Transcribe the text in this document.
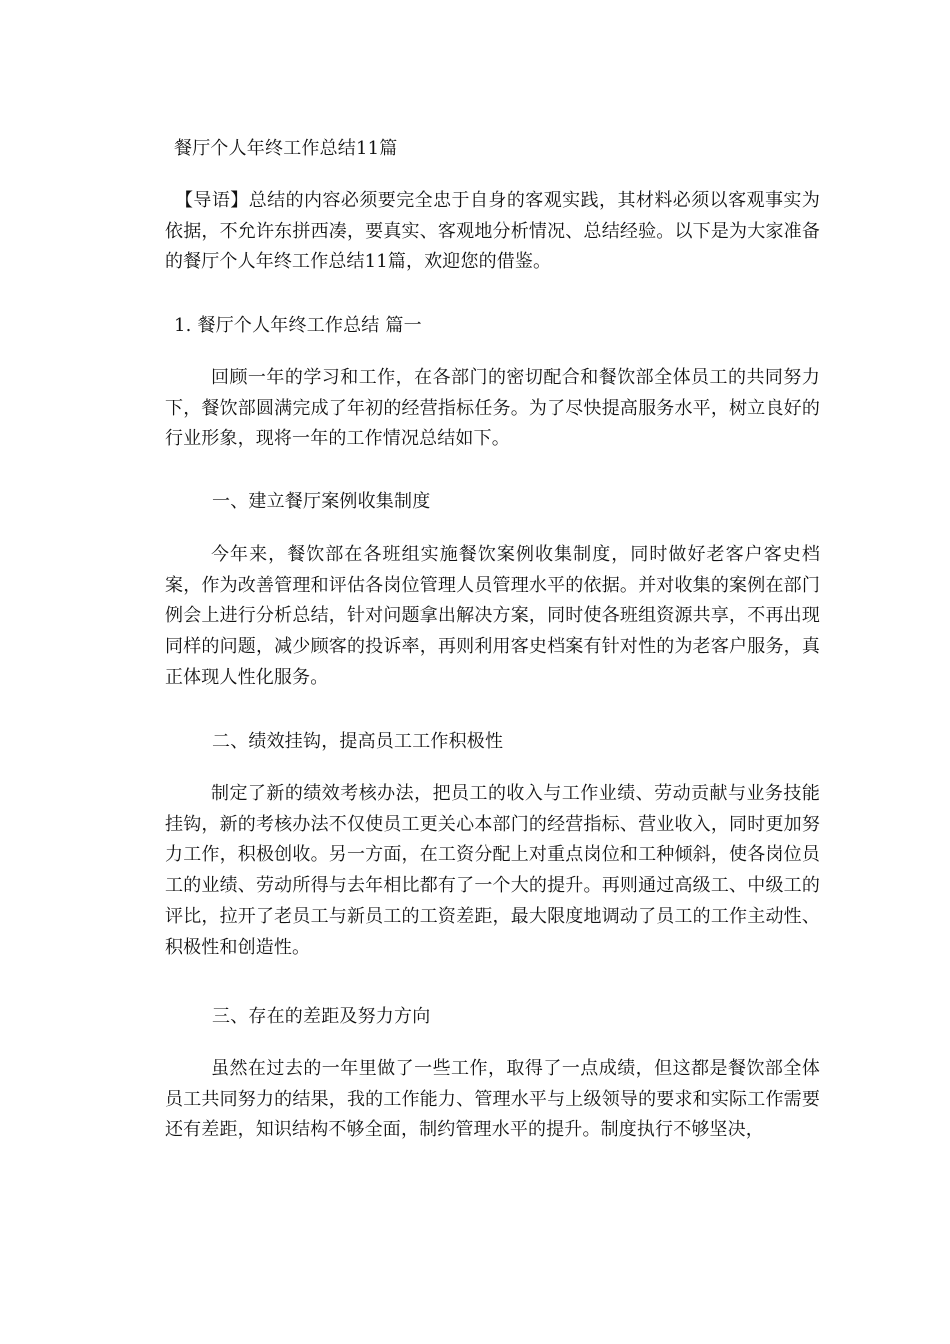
餐厅个人年终工作总结11篇
【导语】总结的内容必须要完全忠于自身的客观实践，其材料必须以客观事实为依据，不允许东拼西凑，要真实、客观地分析情况、总结经验。以下是为大家准备的餐厅个人年终工作总结11篇，欢迎您的借鉴。
1. 餐厅个人年终工作总结 篇一
回顾一年的学习和工作，在各部门的密切配合和餐饮部全体员工的共同努力下，餐饮部圆满完成了年初的经营指标任务。为了尽快提高服务水平，树立良好的行业形象，现将一年的工作情况总结如下。
一、建立餐厅案例收集制度
今年来，餐饮部在各班组实施餐饮案例收集制度，同时做好老客户客史档案，作为改善管理和评估各岗位管理人员管理水平的依据。并对收集的案例在部门例会上进行分析总结，针对问题拿出解决方案，同时使各班组资源共享，不再出现同样的问题，减少顾客的投诉率，再则利用客史档案有针对性的为老客户服务，真正体现人性化服务。
二、绩效挂钩，提高员工工作积极性
制定了新的绩效考核办法，把员工的收入与工作业绩、劳动贡献与业务技能挂钩，新的考核办法不仅使员工更关心本部门的经营指标、营业收入，同时更加努力工作，积极创收。另一方面，在工资分配上对重点岗位和工种倾斜，使各岗位员工的业绩、劳动所得与去年相比都有了一个大的提升。再则通过高级工、中级工的评比，拉开了老员工与新员工的工资差距，最大限度地调动了员工的工作主动性、积极性和创造性。
三、存在的差距及努力方向
虽然在过去的一年里做了一些工作，取得了一点成绩，但这都是餐饮部全体员工共同努力的结果，我的工作能力、管理水平与上级领导的要求和实际工作需要还有差距，知识结构不够全面，制约管理水平的提升。制度执行不够坚决，
